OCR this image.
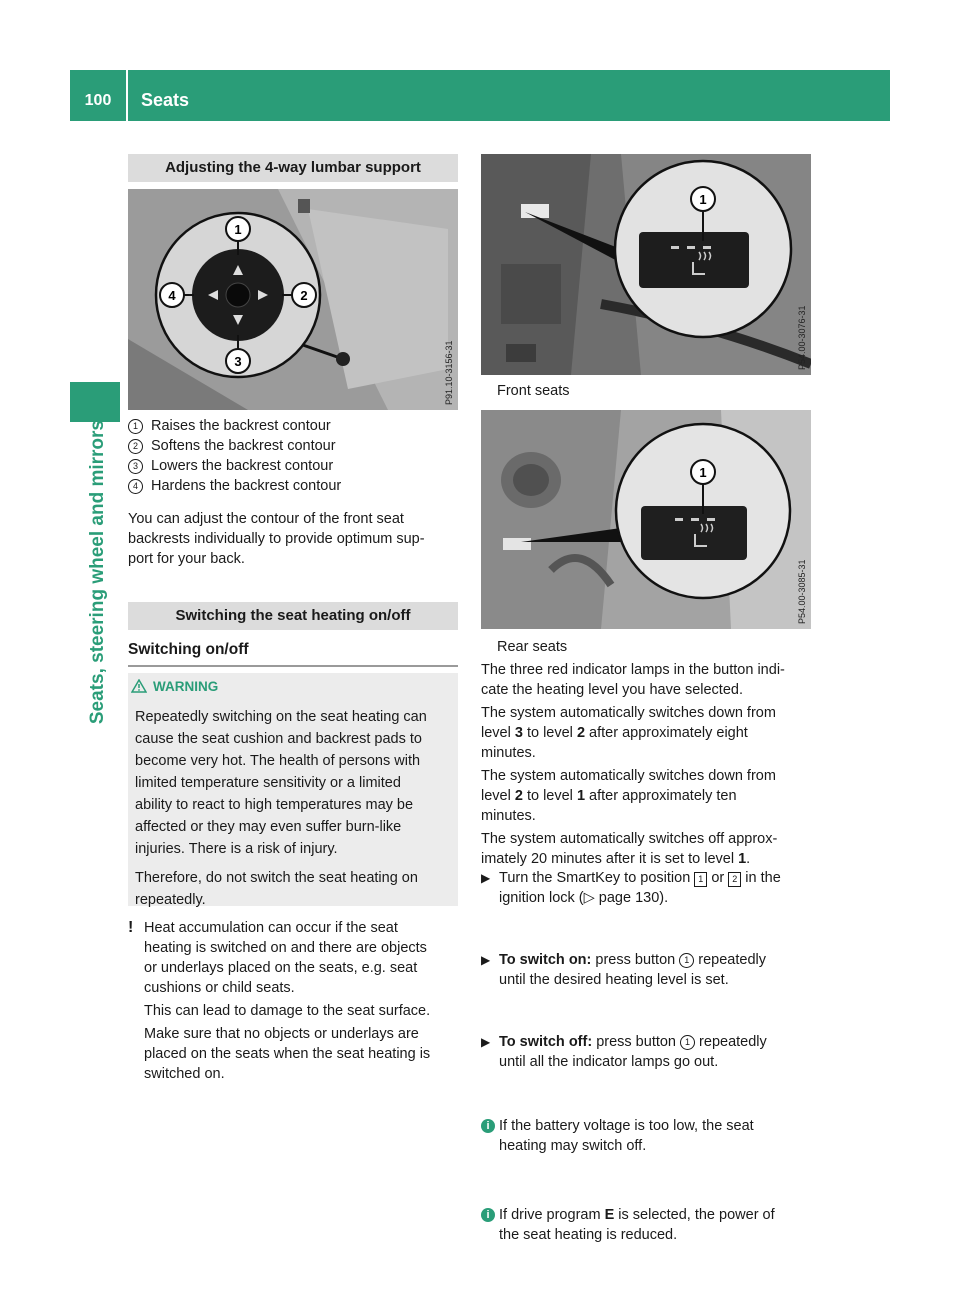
100	Seats
Seats, steering wheel and mirrors
Adjusting the 4-way lumbar support
1
2
3
4
P91.10-3156-31
1 Raises the backrest contour
2 Softens the backrest contour
3 Lowers the backrest contour
4 Hardens the backrest contour
You can adjust the contour of the front seat
backrests individually to provide optimum sup-
port for your back.
Switching the seat heating on/off
Switching on/off
WARNING
Repeatedly switching on the seat heating can
cause the seat cushion and backrest pads to
become very hot. The health of persons with
limited temperature sensitivity or a limited
ability to react to high temperatures may be
affected or they may even suffer burn-like
injuries. There is a risk of injury.
Therefore, do not switch the seat heating on
repeatedly.
! Heat accumulation can occur if the seat
heating is switched on and there are objects
or underlays placed on the seats, e.g. seat
cushions or child seats.
This can lead to damage to the seat surface.
Make sure that no objects or underlays are
placed on the seats when the seat heating is
switched on.
1
P54.00-3076-31
Front seats
1
P54.00-3085-31
Rear seats
The three red indicator lamps in the button indi-
cate the heating level you have selected.
The system automatically switches down from
level 3 to level 2 after approximately eight
minutes.
The system automatically switches down from
level 2 to level 1 after approximately ten
minutes.
The system automatically switches off approx-
imately 20 minutes after it is set to level 1.
▶ Turn the SmartKey to position 1 or 2 in the
ignition lock (▷ page 130).
▶ To switch on: press button 1 repeatedly
until the desired heating level is set.
▶ To switch off: press button 1 repeatedly
until all the indicator lamps go out.
i If the battery voltage is too low, the seat
heating may switch off.
i If drive program E is selected, the power of
the seat heating is reduced.
